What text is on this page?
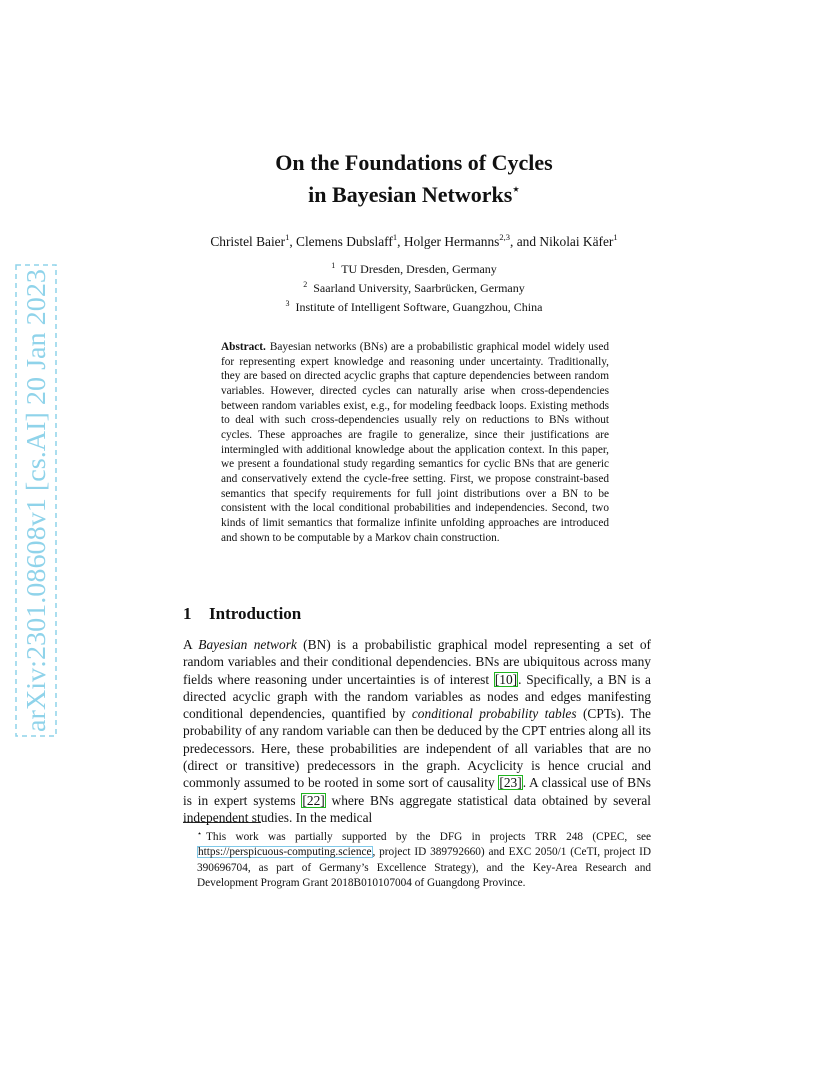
arXiv:2301.08608v1 [cs.AI] 20 Jan 2023
On the Foundations of Cycles
in Bayesian Networks⋆
Christel Baier$^1$, Clemens Dubslaff$^1$, Holger Hermanns$^{2,3}$, and Nikolai Käfer$^1$
$^1$ TU Dresden, Dresden, Germany
$^2$ Saarland University, Saarbrücken, Germany
$^3$ Institute of Intelligent Software, Guangzhou, China
Abstract. Bayesian networks (BNs) are a probabilistic graphical model widely used for representing expert knowledge and reasoning under uncertainty. Traditionally, they are based on directed acyclic graphs that capture dependencies between random variables. However, directed cycles can naturally arise when cross-dependencies between random variables exist, e.g., for modeling feedback loops. Existing methods to deal with such cross-dependencies usually rely on reductions to BNs without cycles. These approaches are fragile to generalize, since their justifications are intermingled with additional knowledge about the application context. In this paper, we present a foundational study regarding semantics for cyclic BNs that are generic and conservatively extend the cycle-free setting. First, we propose constraint-based semantics that specify requirements for full joint distributions over a BN to be consistent with the local conditional probabilities and independencies. Second, two kinds of limit semantics that formalize infinite unfolding approaches are introduced and shown to be computable by a Markov chain construction.
1 Introduction
A Bayesian network (BN) is a probabilistic graphical model representing a set of random variables and their conditional dependencies. BNs are ubiquitous across many fields where reasoning under uncertainties is of interest [10]. Specifically, a BN is a directed acyclic graph with the random variables as nodes and edges manifesting conditional dependencies, quantified by conditional probability tables (CPTs). The probability of any random variable can then be deduced by the CPT entries along all its predecessors. Here, these probabilities are independent of all variables that are no (direct or transitive) predecessors in the graph. Acyclicity is hence crucial and commonly assumed to be rooted in some sort of causality [23]. A classical use of BNs is in expert systems [22] where BNs aggregate statistical data obtained by several independent studies. In the medical
⋆ This work was partially supported by the DFG in projects TRR 248 (CPEC, see https://perspicuous-computing.science, project ID 389792660) and EXC 2050/1 (CeTI, project ID 390696704, as part of Germany’s Excellence Strategy), and the Key-Area Research and Development Program Grant 2018B010107004 of Guangdong Province.
